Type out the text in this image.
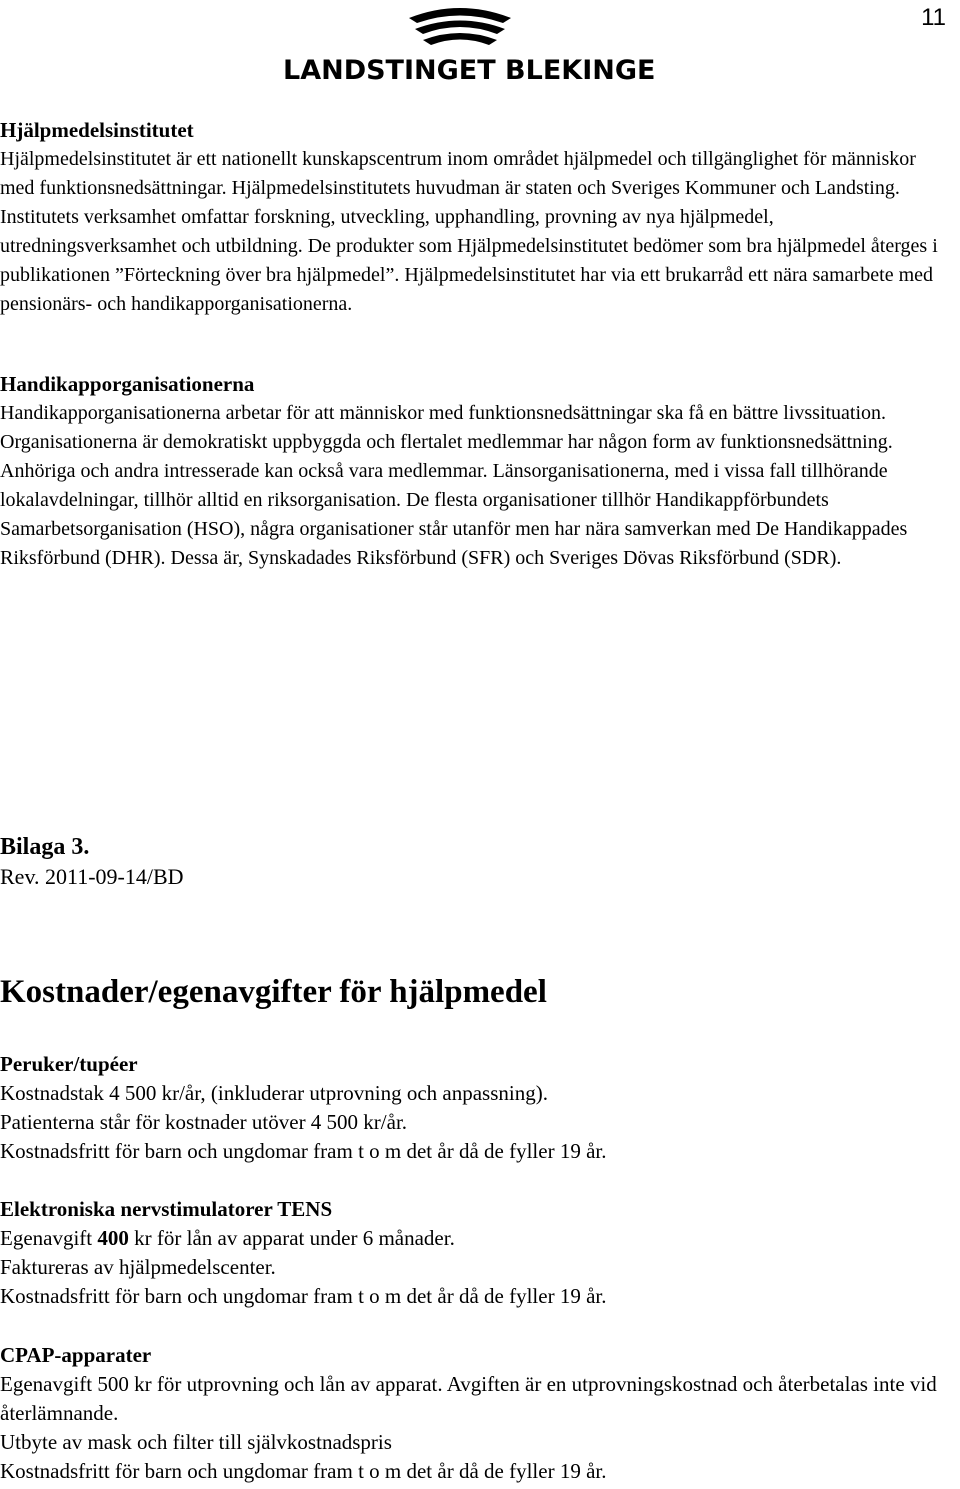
11
LANDSTINGET BLEKINGE

Hjälpmedelsinstitutet

Hjälpmedelsinstitutet är ett nationellt kunskapscentrum inom området hjälpmedel och tillgänglighet för människor med funktionsnedsättningar. Hjälpmedelsinstitutets huvudman är staten och Sveriges Kommuner och Landsting. Institutets verksamhet omfattar forskning, utveckling, upphandling, provning av nya hjälpmedel, utredningsverksamhet och utbildning. De produkter som Hjälpmedelsinstitutet bedömer som bra hjälpmedel återges i publikationen ”Förteckning över bra hjälpmedel”. Hjälpmedelsinstitutet har via ett brukarråd ett nära samarbete med pensionärs- och handikapporganisationerna.

Handikapporganisationerna

Handikapporganisationerna arbetar för att människor med funktionsnedsättningar ska få en bättre livssituation. Organisationerna är demokratiskt uppbyggda och flertalet medlemmar har någon form av funktionsnedsättning. Anhöriga och andra intresserade kan också vara medlemmar. Länsorganisationerna, med i vissa fall tillhörande lokalavdelningar, tillhör alltid en riksorganisation. De flesta organisationer tillhör Handikappförbundets Samarbetsorganisation (HSO), några organisationer står utanför men har nära samverkan med De Handikappades Riksförbund (DHR). Dessa är, Synskadades Riksförbund (SFR) och Sveriges Dövas Riksförbund (SDR).

Bilaga 3.

Rev. 2011-09-14/BD

Kostnader/egenavgifter för hjälpmedel

Peruker/tupéer

Kostnadstak 4 500 kr/år, (inkluderar utprovning och anpassning).
Patienterna står för kostnader utöver 4 500 kr/år.
Kostnadsfritt för barn och ungdomar fram t o m det år då de fyller 19 år.

Elektroniska nervstimulatorer TENS

Egenavgift 400 kr för lån av apparat under 6 månader.
Faktureras av hjälpmedelscenter.
Kostnadsfritt för barn och ungdomar fram t o m det år då de fyller 19 år.

CPAP-apparater

Egenavgift 500 kr för utprovning och lån av apparat. Avgiften är en utprovningskostnad och återbetalas inte vid återlämnande.
Utbyte av mask och filter till självkostnadspris
Kostnadsfritt för barn och ungdomar fram t o m det år då de fyller 19 år.
